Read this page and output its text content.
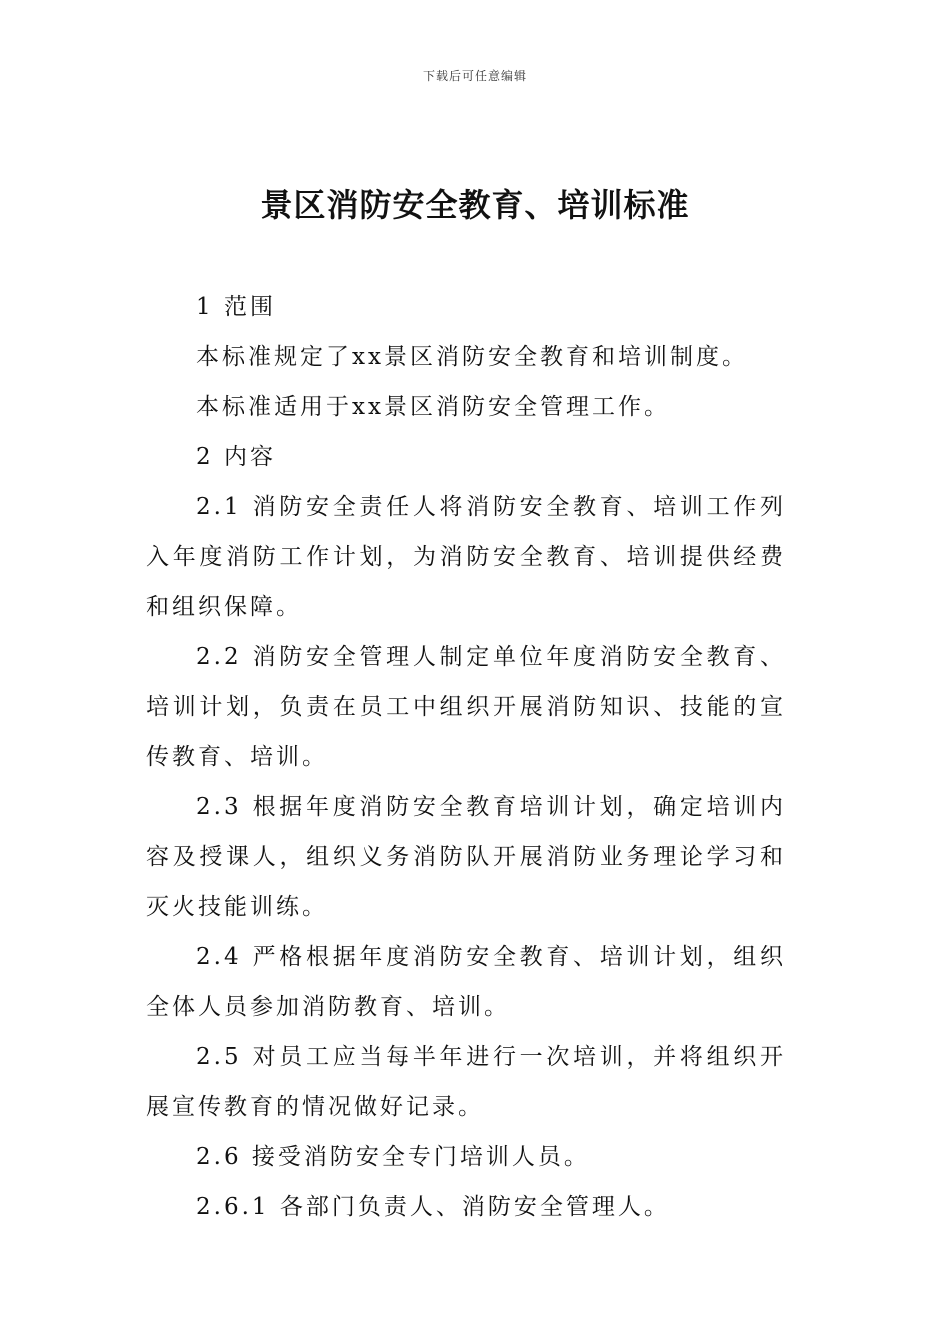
下载后可任意编辑
景区消防安全教育、培训标准

1 范围

本标准规定了xx景区消防安全教育和培训制度。

本标准适用于xx景区消防安全管理工作。

2 内容

2.1 消防安全责任人将消防安全教育、培训工作列入年度消防工作计划，为消防安全教育、培训提供经费和组织保障。

2.2 消防安全管理人制定单位年度消防安全教育、培训计划，负责在员工中组织开展消防知识、技能的宣传教育、培训。

2.3 根据年度消防安全教育培训计划，确定培训内容及授课人，组织义务消防队开展消防业务理论学习和灭火技能训练。

2.4 严格根据年度消防安全教育、培训计划，组织全体人员参加消防教育、培训。

2.5 对员工应当每半年进行一次培训，并将组织开展宣传教育的情况做好记录。

2.6 接受消防安全专门培训人员。

2.6.1 各部门负责人、消防安全管理人。
